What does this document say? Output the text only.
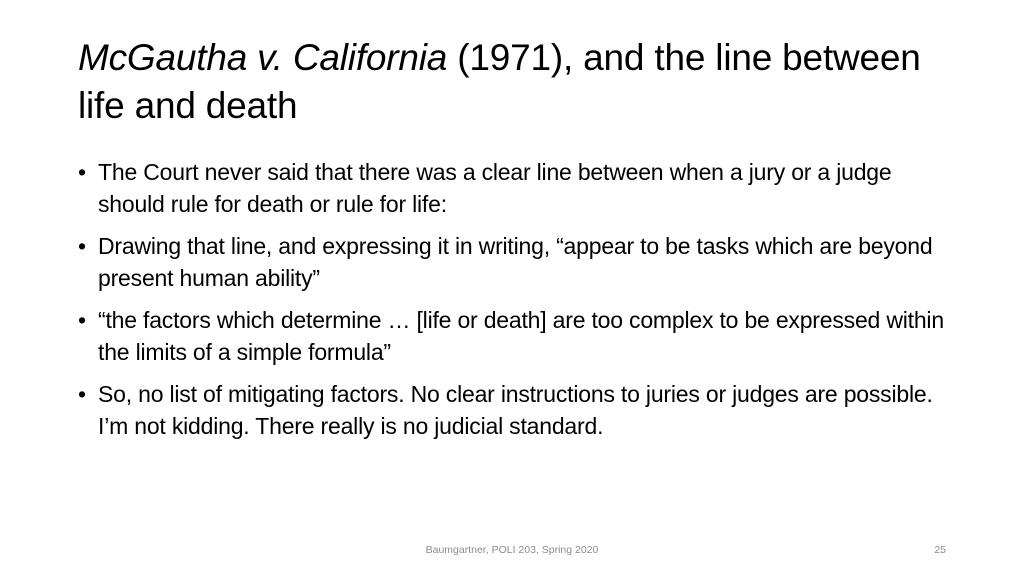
McGautha v. California (1971), and the line between life and death
• The Court never said that there was a clear line between when a jury or a judge should rule for death or rule for life:
• Drawing that line, and expressing it in writing, “appear to be tasks which are beyond present human ability”
• “the factors which determine … [life or death] are too complex to be expressed within the limits of a simple formula”
• So, no list of mitigating factors. No clear instructions to juries or judges are possible. I’m not kidding. There really is no judicial standard.
Baumgartner, POLI 203, Spring 2020	25
